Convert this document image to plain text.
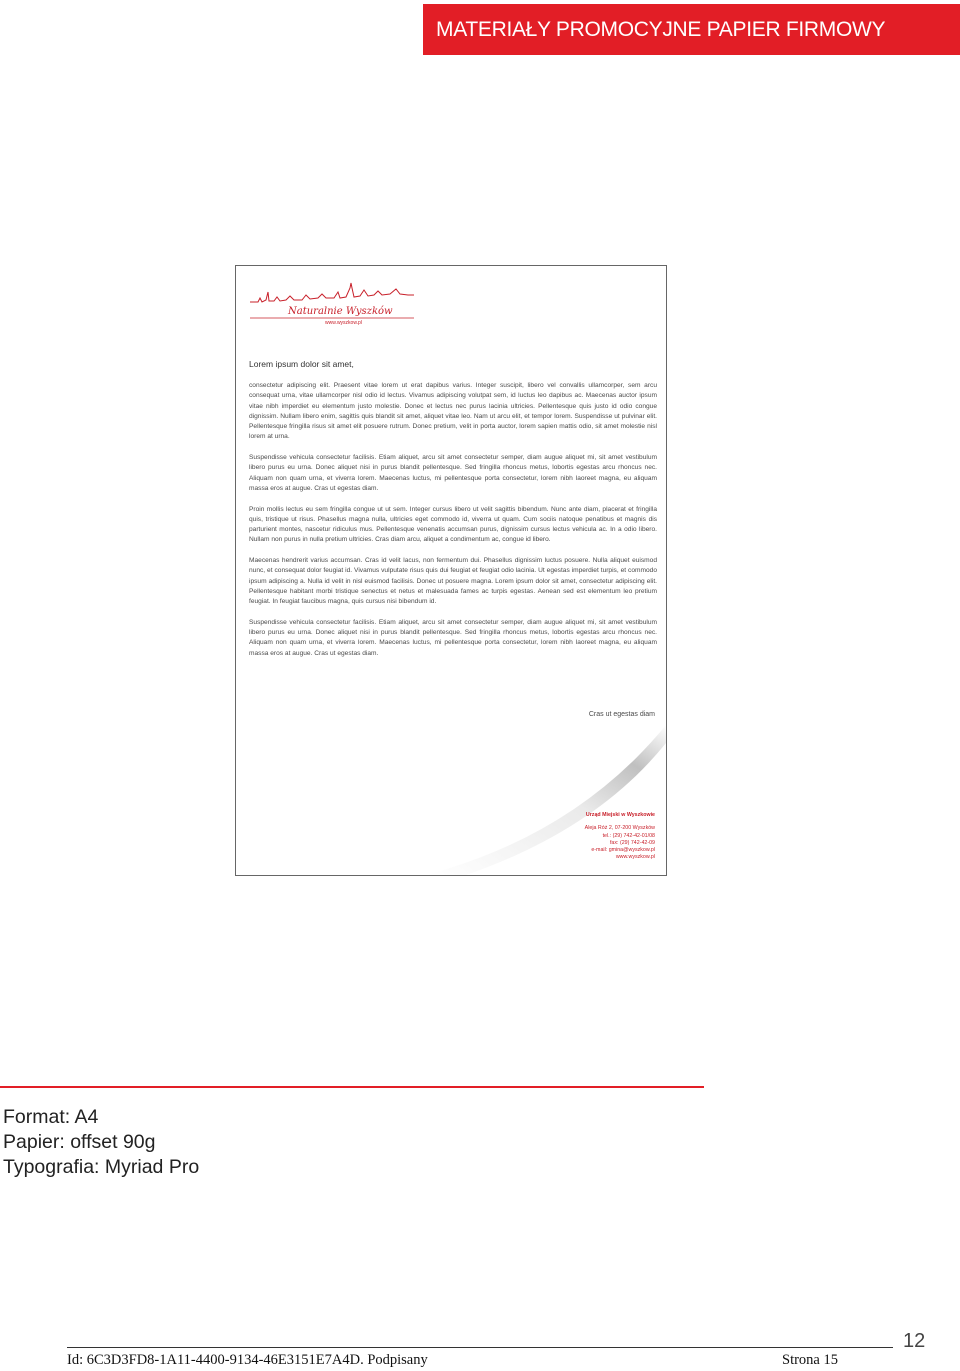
MATERIAŁY PROMOCYJNE PAPIER FIRMOWY
Naturalnie Wyszków
www.wyszkow.pl
Lorem ipsum dolor sit amet,

consectetur adipiscing elit. Praesent vitae lorem ut erat dapibus varius. Integer suscipit, libero vel convallis ullamcorper, sem arcu consequat urna, vitae ullamcorper nisl odio id lectus. Vivamus adipiscing volutpat sem, id luctus leo dapibus ac. Maecenas auctor ipsum vitae nibh imperdiet eu elementum justo molestie. Donec et lectus nec purus lacinia ultricies. Pellentesque quis justo id odio congue dignissim. Nullam libero enim, sagittis quis blandit sit amet, aliquet vitae leo. Nam ut arcu elit, et tempor lorem. Suspendisse ut pulvinar elit. Pellentesque fringilla risus sit amet elit posuere rutrum. Donec pretium, velit in porta auctor, lorem sapien mattis odio, sit amet molestie nisl lorem at urna.

Suspendisse vehicula consectetur facilisis. Etiam aliquet, arcu sit amet consectetur semper, diam augue aliquet mi, sit amet vestibulum libero purus eu urna. Donec aliquet nisi in purus blandit pellentesque. Sed fringilla rhoncus metus, lobortis egestas arcu rhoncus nec. Aliquam non quam urna, et viverra lorem. Maecenas luctus, mi pellentesque porta consectetur, lorem nibh laoreet magna, eu aliquam massa eros at augue. Cras ut egestas diam.

Proin mollis lectus eu sem fringilla congue ut ut sem. Integer cursus libero ut velit sagittis bibendum. Nunc ante diam, placerat et fringilla quis, tristique ut risus. Phasellus magna nulla, ultricies eget commodo id, viverra ut quam. Cum sociis natoque penatibus et magnis dis parturient montes, nascetur ridiculus mus. Pellentesque venenatis accumsan purus, dignissim cursus lectus vehicula ac. In a odio libero. Nullam non purus in nulla pretium ultricies. Cras diam arcu, aliquet a condimentum ac, congue id libero.

Maecenas hendrerit varius accumsan. Cras id velit lacus, non fermentum dui. Phasellus dignissim luctus posuere. Nulla aliquet euismod nunc, et consequat dolor feugiat id. Vivamus vulputate risus quis dui feugiat et feugiat odio lacinia. Ut egestas imperdiet turpis, et commodo ipsum adipiscing a. Nulla id velit in nisl euismod facilisis. Donec ut posuere magna. Lorem ipsum dolor sit amet, consectetur adipiscing elit. Pellentesque habitant morbi tristique senectus et netus et malesuada fames ac turpis egestas. Aenean sed est elementum leo pretium feugiat. In feugiat faucibus magna, quis cursus nisi bibendum id.

Suspendisse vehicula consectetur facilisis. Etiam aliquet, arcu sit amet consectetur semper, diam augue aliquet mi, sit amet vestibulum libero purus eu urna. Donec aliquet nisi in purus blandit pellentesque. Sed fringilla rhoncus metus, lobortis egestas arcu rhoncus nec. Aliquam non quam urna, et viverra lorem. Maecenas luctus, mi pellentesque porta consectetur, lorem nibh laoreet magna, eu aliquam massa eros at augue. Cras ut egestas diam.

Cras ut egestas diam
Urząd Miejski w Wyszkowie
Aleja Róż 2, 07-200 Wyszków
tel.: (29) 742-42-01/08
fax: (29) 742-42-09
e-mail: gmina@wyszkow.pl
www.wyszkow.pl
Format: A4
Papier: offset 90g
Typografia: Myriad Pro
12
Id: 6C3D3FD8-1A11-4400-9134-46E3151E7A4D. Podpisany	Strona 15
